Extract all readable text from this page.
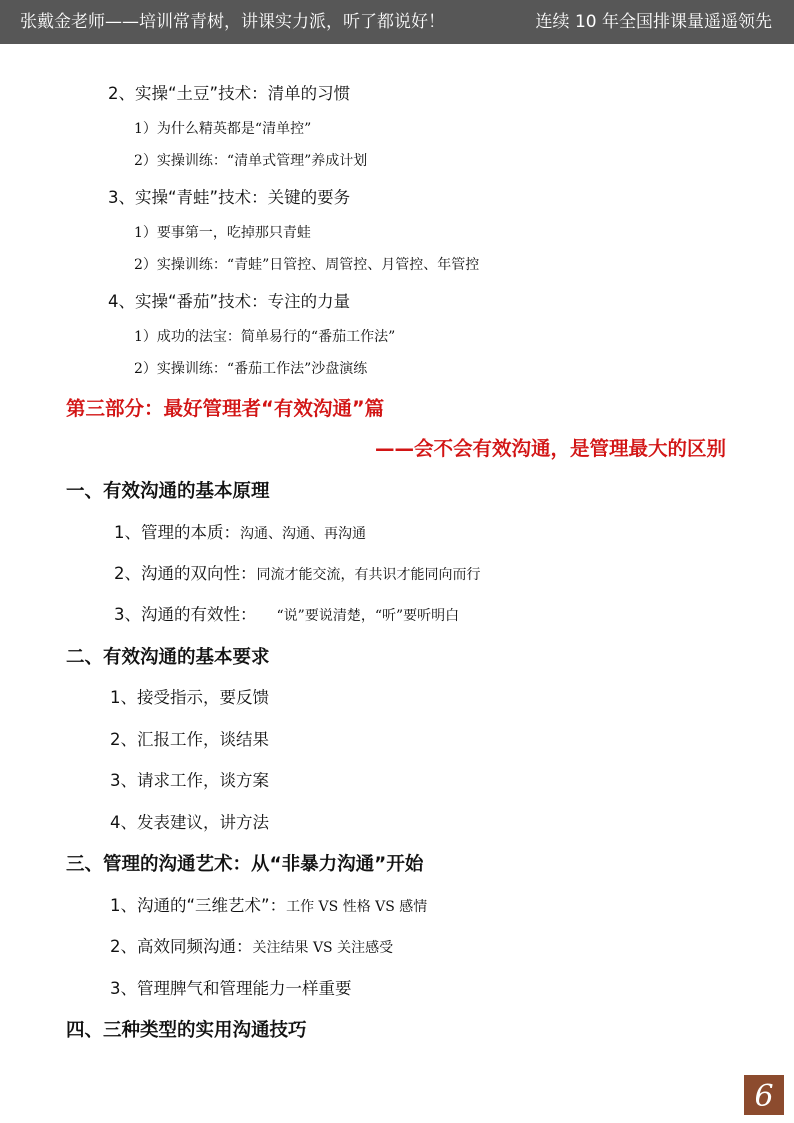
张戴金老师——培训常青树，讲课实力派，听了都说好！	连续 10 年全国排课量遥遥领先
2、实操“土豆”技术：清单的习惯
1）为什么精英都是“清单控”
2）实操训练：“清单式管理”养成计划
3、实操“青蛙”技术：关键的要务
1）要事第一，吃掉那只青蛙
2）实操训练：“青蛙”日管控、周管控、月管控、年管控
4、实操“番茄”技术：专注的力量
1）成功的法宝：简单易行的“番茄工作法”
2）实操训练：“番茄工作法”沙盘演练
第三部分：最好管理者“有效沟通”篇
——会不会有效沟通，是管理最大的区别
一、有效沟通的基本原理
1、管理的本质：沟通、沟通、再沟通
2、沟通的双向性：同流才能交流，有共识才能同向而行
3、沟通的有效性： “说”要说清楚，“听”要听明白
二、有效沟通的基本要求
1、接受指示，要反馈
2、汇报工作，谈结果
3、请求工作，谈方案
4、发表建议，讲方法
三、管理的沟通艺术：从“非暴力沟通”开始
1、沟通的“三维艺术”：工作 VS 性格 VS 感情
2、高效同频沟通：关注结果 VS 关注感受
3、管理脾气和管理能力一样重要
四、三种类型的实用沟通技巧
6
